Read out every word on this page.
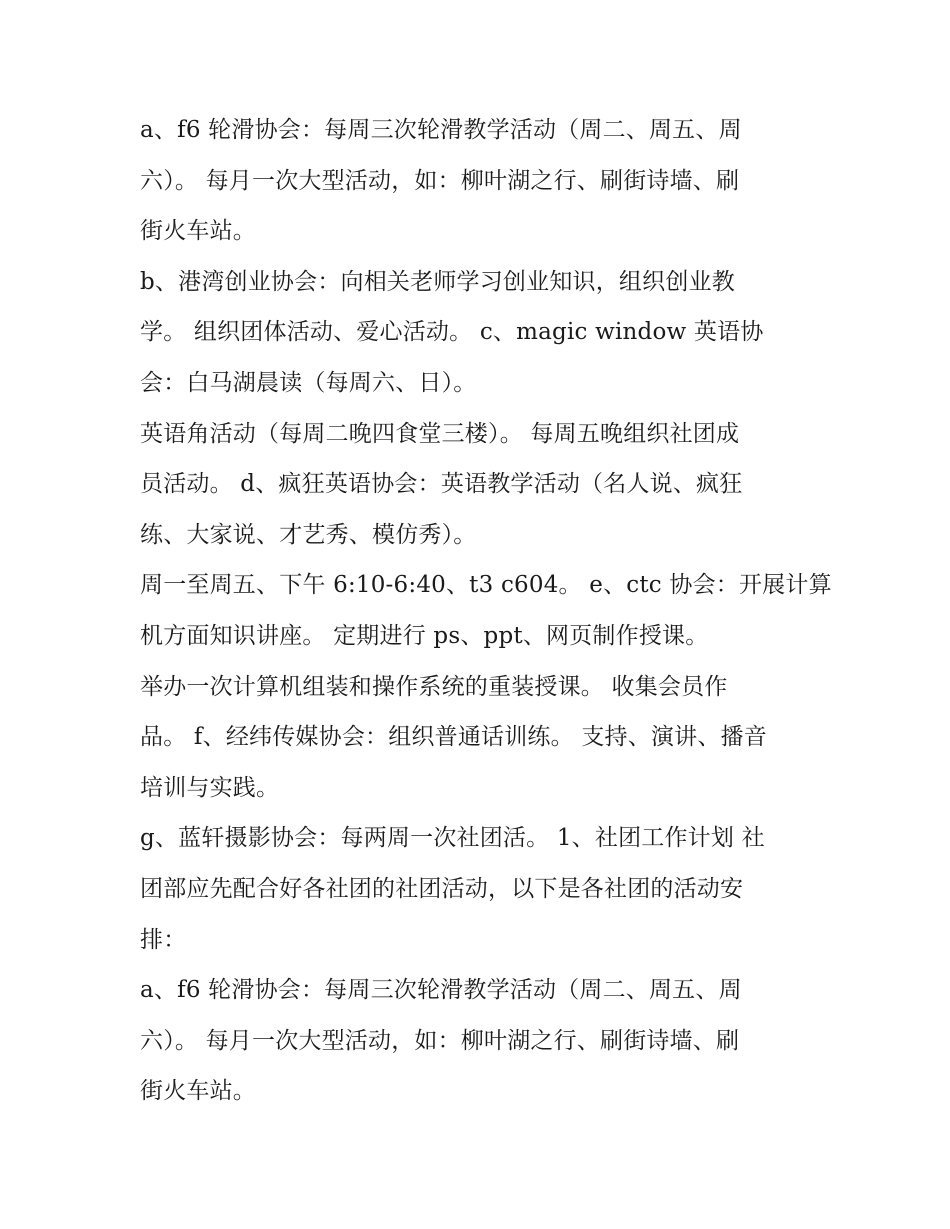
a、f6 轮滑协会：每周三次轮滑教学活动（周二、周五、周
六）。 每月一次大型活动，如：柳叶湖之行、刷街诗墙、刷
街火车站。
b、港湾创业协会：向相关老师学习创业知识，组织创业教
学。 组织团体活动、爱心活动。 c、magic window 英语协
会：白马湖晨读（每周六、日）。
英语角活动（每周二晚四食堂三楼）。 每周五晚组织社团成
员活动。 d、疯狂英语协会：英语教学活动（名人说、疯狂
练、大家说、才艺秀、模仿秀）。
周一至周五、下午 6:10-6:40、t3 c604。 e、ctc 协会：开展计算
机方面知识讲座。 定期进行 ps、ppt、网页制作授课。
举办一次计算机组装和操作系统的重装授课。 收集会员作
品。 f、经纬传媒协会：组织普通话训练。 支持、演讲、播音
培训与实践。
g、蓝轩摄影协会：每两周一次社团活。 1、社团工作计划 社
团部应先配合好各社团的社团活动，以下是各社团的活动安
排：
a、f6 轮滑协会：每周三次轮滑教学活动（周二、周五、周
六）。 每月一次大型活动，如：柳叶湖之行、刷街诗墙、刷
街火车站。
